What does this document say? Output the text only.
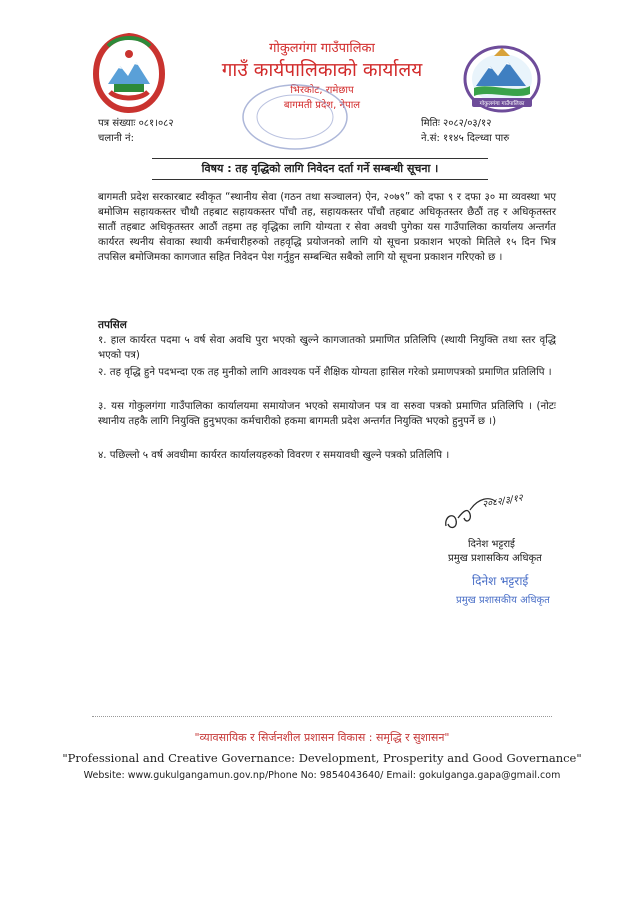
गोकुलगंगा गाउँपालिका
गोकुलगंगा गाउँपालिका
गाउँ कार्यपालिकाको कार्यालय
भिरकोट, रामेछाप
बागमती प्रदेश, नेपाल
पत्र संख्याः ०८१।०८२
चलानी नं:
मितिः २०८२/०३/१२
ने.सं: ११४५ दिल्ध्वा पारु
विषय : तह वृद्धिको लागि निवेदन दर्ता गर्ने सम्बन्धी सूचना ।
बागमती प्रदेश सरकारबाट स्वीकृत “स्थानीय सेवा (गठन तथा सञ्चालन) ऐन, २०७९” को दफा ९ र दफा ३० मा व्यवस्था भए बमोजिम सहायकस्तर चौथौ तहबाट सहायकस्तर पाँचौ तह, सहायकस्तर पाँचौ तहबाट अधिकृतस्तर छैठौं तह र अधिकृतस्तर सातौं तहबाट अधिकृतस्तर आठौं तहमा तह वृद्धिका लागि योग्यता र सेवा अवधी पुगेका यस गाउँपालिका कार्यालय अन्तर्गत कार्यरत स्थनीय सेवाका स्थायी कर्मचारीहरुको तहवृद्धि प्रयोजनको लागि यो सूचना प्रकाशन भएको मितिले १५ दिन भित्र तपसिल बमोजिमका कागजात सहित निवेदन पेश गर्नुहुन सम्बन्धित सबैको लागि यो सूचना प्रकाशन गरिएको छ ।
तपसिल
१. हाल कार्यरत पदमा ५ वर्ष सेवा अवधि पुरा भएको खुल्ने कागजातको प्रमाणित प्रतिलिपि (स्थायी नियुक्ति तथा स्तर वृद्धि भएको पत्र)
२. तह वृद्धि हुने पदभन्दा एक तह मुनीको लागि आवश्यक पर्ने शैक्षिक योग्यता हासिल गरेको प्रमाणपत्रको प्रमाणित प्रतिलिपि ।
३. यस गोकुलगंगा गाउँपालिका कार्यालयमा समायोजन भएको समायोजन पत्र वा सरुवा पत्रको प्रमाणित प्रतिलिपि । (नोटः स्थानीय तहकै लागि नियुक्ति हुनुभएका कर्मचारीको हकमा बागमती प्रदेश अन्तर्गत नियुक्ति भएको हुनुपर्ने छ ।)
४. पछिल्लो ५ वर्ष अवधीमा कार्यरत कार्यालयहरुको विवरण र समयावधी खुल्ने पत्रको प्रतिलिपि ।
२०८२/३/१२
दिनेश भट्टराई
प्रमुख प्रशासकिय अधिकृत
दिनेश भट्टराई
प्रमुख प्रशासकीय अधिकृत
"व्यावसायिक र सिर्जनशील प्रशासन विकास : समृद्धि र सुशासन"
"Professional and Creative Governance: Development, Prosperity and Good Governance"
Website: www.gukulgangamun.gov.np/Phone No: 9854043640/ Email: gokulganga.gapa@gmail.com
